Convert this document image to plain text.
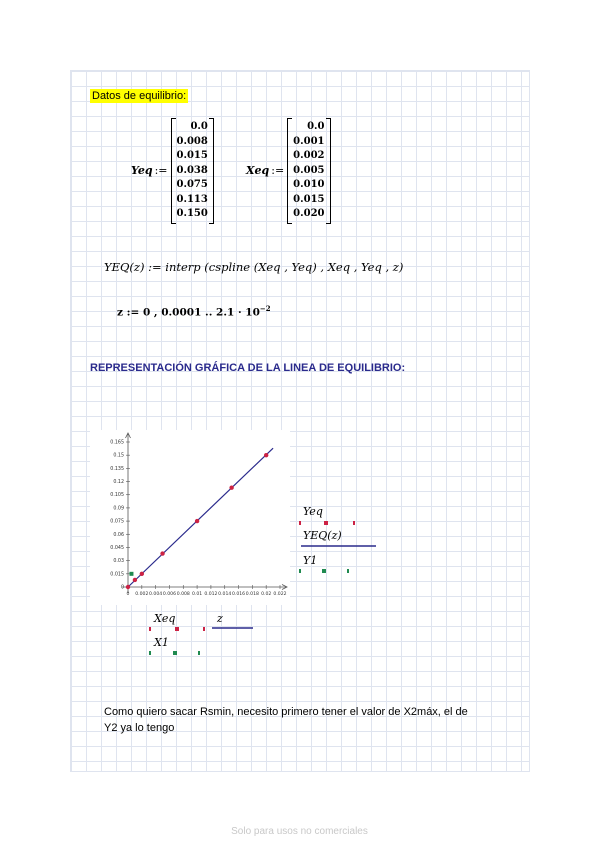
Datos de equilibrio:
Yeq :=
0.0
0.008
0.015
0.038
0.075
0.113
0.150
Xeq :=
0.0
0.001
0.002
0.005
0.010
0.015
0.020
YEQ(z) := interp (cspline (Xeq , Yeq) , Xeq , Yeq , z)
z := 0 , 0.0001 .. $2.1 \cdot 10^{-2}$
REPRESENTACIÓN GRÁFICA DE LA LINEA DE EQUILIBRIO:
0.165
0.15
0.135
0.12
0.105
0.09
0.075
0.06
0.045
0.03
0.015
0
0 0.002 0.004 0.006 0.008 0.01 0.012 0.014 0.016 0.018 0.02 0.022
Yeq
YEQ(z)
Y1
Xeq	z
X1
Como quiero sacar Rsmin, necesito primero tener el valor de X2máx, el de Y2 ya lo tengo
Solo para usos no comerciales
